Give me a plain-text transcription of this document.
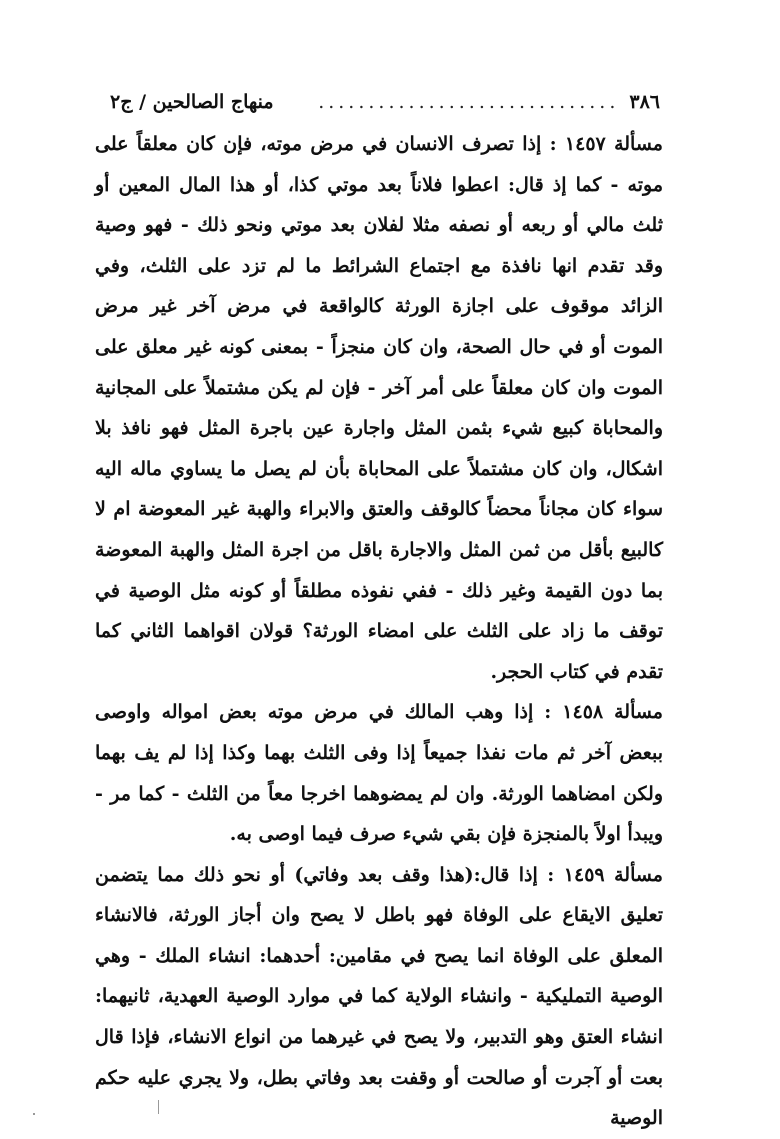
٣٨٦
..............................
منهاج الصالحين / ج٢

مسألة ١٤٥٧ : إذا تصرف الانسان في مرض موته، فإن كان معلقاً على موته - كما إذ قال: اعطوا فلاناً بعد موتي كذا، أو هذا المال المعين أو ثلث مالي أو ربعه أو نصفه مثلا لفلان بعد موتي ونحو ذلك - فهو وصية وقد تقدم انها نافذة مع اجتماع الشرائط ما لم تزد على الثلث، وفي الزائد موقوف على اجازة الورثة كالواقعة في مرض آخر غير مرض الموت أو في حال الصحة، وان كان منجزاً - بمعنى كونه غير معلق على الموت وان كان معلقاً على أمر آخر - فإن لم يكن مشتملاً على المجانية والمحاباة كبيع شيء بثمن المثل واجارة عين باجرة المثل فهو نافذ بلا اشكال، وان كان مشتملاً على المحاباة بأن لم يصل ما يساوي ماله اليه سواء كان مجاناً محضاً كالوقف والعتق والابراء والهبة غير المعوضة ام لا كالبيع بأقل من ثمن المثل والاجارة باقل من اجرة المثل والهبة المعوضة بما دون القيمة وغير ذلك - ففي نفوذه مطلقاً أو كونه مثل الوصية في توقف ما زاد على الثلث على امضاء الورثة؟ قولان اقواهما الثاني كما تقدم في كتاب الحجر.

مسألة ١٤٥٨ : إذا وهب المالك في مرض موته بعض امواله واوصى ببعض آخر ثم مات نفذا جميعاً إذا وفى الثلث بهما وكذا إذا لم يف بهما ولكن امضاهما الورثة. وان لم يمضوهما اخرجا معاً من الثلث - كما مر - ويبدأ اولاً بالمنجزة فإن بقي شيء صرف فيما اوصى به.

مسألة ١٤٥٩ : إذا قال:(هذا وقف بعد وفاتي) أو نحو ذلك مما يتضمن تعليق الايقاع على الوفاة فهو باطل لا يصح وان أجاز الورثة، فالانشاء المعلق على الوفاة انما يصح في مقامين: أحدهما: انشاء الملك - وهي الوصية التمليكية - وانشاء الولاية كما في موارد الوصية العهدية، ثانيهما: انشاء العتق وهو التدبير، ولا يصح في غيرهما من انواع الانشاء، فإذا قال بعت أو آجرت أو صالحت أو وقفت بعد وفاتي بطل، ولا يجري عليه حكم الوصية
